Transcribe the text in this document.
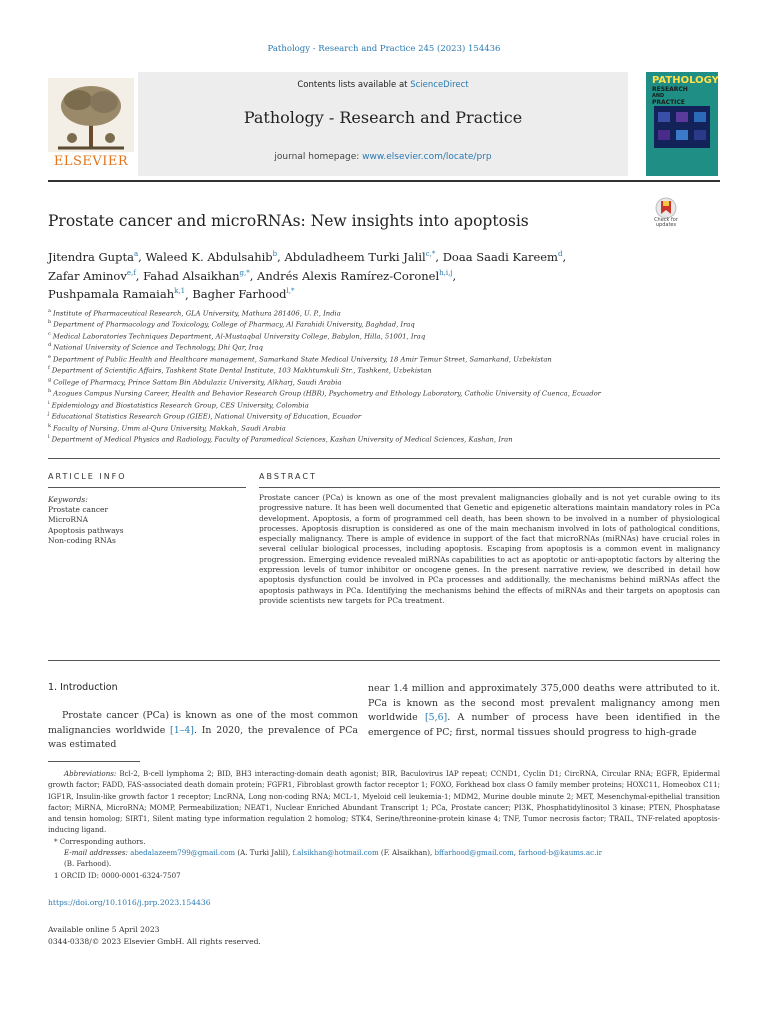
Pathology - Research and Practice 245 (2023) 154436
ELSEVIER
Contents lists available at ScienceDirect
Pathology - Research and Practice
journal homepage: www.elsevier.com/locate/prp
PATHOLOGY
RESEARCH
AND
PRACTICE
Check for
updates
Prostate cancer and microRNAs: New insights into apoptosis
Jitendra Gupta$^a$, Waleed K. Abdulsahib$^b$, Abduladheem Turki Jalil$^{c,*}$, Doaa Saadi Kareem$^d$,
Zafar Aminov$^{e,f}$, Fahad Alsaikhan$^{g,*}$, Andrés Alexis Ramírez-Coronel$^{h,i,j}$,
Pushpamala Ramaiah$^{k,1}$, Bagher Farhood$^{l,*}$
$^a$ Institute of Pharmaceutical Research, GLA University, Mathura 281406, U. P., India
$^b$ Department of Pharmacology and Toxicology, College of Pharmacy, Al Farahidi University, Baghdad, Iraq
$^c$ Medical Laboratories Techniques Department, Al-Mustaqbal University College, Babylon, Hilla, 51001, Iraq
$^d$ National University of Science and Technology, Dhi Qar, Iraq
$^e$ Department of Public Health and Healthcare management, Samarkand State Medical University, 18 Amir Temur Street, Samarkand, Uzbekistan
$^f$ Department of Scientific Affairs, Tashkent State Dental Institute, 103 Makhtumkuli Str., Tashkent, Uzbekistan
$^g$ College of Pharmacy, Prince Sattam Bin Abdulaziz University, Alkharj, Saudi Arabia
$^h$ Azogues Campus Nursing Career, Health and Behavior Research Group (HBR), Psychometry and Ethology Laboratory, Catholic University of Cuenca, Ecuador
$^i$ Epidemiology and Biostatistics Research Group, CES University, Colombia
$^j$ Educational Statistics Research Group (GIEE), National University of Education, Ecuador
$^k$ Faculty of Nursing, Umm al-Qura University, Makkah, Saudi Arabia
$^l$ Department of Medical Physics and Radiology, Faculty of Paramedical Sciences, Kashan University of Medical Sciences, Kashan, Iran
ARTICLE INFO	ABSTRACT
Keywords:
Prostate cancer
MicroRNA
Apoptosis pathways
Non-coding RNAs
Prostate cancer (PCa) is known as one of the most prevalent malignancies globally and is not yet curable owing to its progressive nature. It has been well documented that Genetic and epigenetic alterations maintain mandatory roles in PCa development. Apoptosis, a form of programmed cell death, has been shown to be involved in a number of physiological processes. Apoptosis disruption is considered as one of the main mechanism involved in lots of pathological conditions, especially malignancy. There is ample of evidence in support of the fact that microRNAs (miRNAs) have crucial roles in several cellular biological processes, including apoptosis. Escaping from apoptosis is a common event in malignancy progression. Emerging evidence revealed miRNAs capabilities to act as apoptotic or anti-apoptotic factors by altering the expression levels of tumor inhibitor or oncogene genes. In the present narrative review, we described in detail how apoptosis dysfunction could be involved in PCa processes and additionally, the mechanisms behind miRNAs affect the apoptosis pathways in PCa. Identifying the mechanisms behind the effects of miRNAs and their targets on apoptosis can provide scientists new targets for PCa treatment.
1. Introduction
Prostate cancer (PCa) is known as one of the most common malignancies worldwide [1–4]. In 2020, the prevalence of PCa was estimated
near 1.4 million and approximately 375,000 deaths were attributed to it. PCa is known as the second most prevalent malignancy among men worldwide [5,6]. A number of process have been identified in the emergence of PC; first, normal tissues should progress to high-grade
Abbreviations: Bcl-2, B-cell lymphoma 2; BID, BH3 interacting-domain death agonist; BIR, Baculovirus IAP repeat; CCND1, Cyclin D1; CircRNA, Circular RNA; EGFR, Epidermal growth factor; FADD, FAS-associated death domain protein; FGFR1, Fibroblast growth factor receptor 1; FOXO, Forkhead box class O family member proteins; HOXC11, Homeobox C11; IGF1R, Insulin-like growth factor 1 receptor; LncRNA, Long non-coding RNA; MCL-1, Myeloid cell leukemia-1; MDM2, Murine double minute 2; MET, Mesenchymal-epithelial transition factor; MiRNA, MicroRNA; MOMP, Permeabilization; NEAT1, Nuclear Enriched Abundant Transcript 1; PCa, Prostate cancer; PI3K, Phosphatidylinositol 3 kinase; PTEN, Phosphatase and tensin homolog; SIRT1, Silent mating type information regulation 2 homolog; STK4, Serine/threonine-protein kinase 4; TNF, Tumor necrosis factor; TRAIL, TNF-related apoptosis-inducing ligand.
* Corresponding authors.
E-mail addresses: abedalazeem799@gmail.com (A. Turki Jalil), f.alsikhan@hotmail.com (F. Alsaikhan), bffarhood@gmail.com, farhood-b@kaums.ac.ir
(B. Farhood).
1 ORCID ID: 0000-0001-6324-7507
https://doi.org/10.1016/j.prp.2023.154436
Available online 5 April 2023
0344-0338/© 2023 Elsevier GmbH. All rights reserved.
